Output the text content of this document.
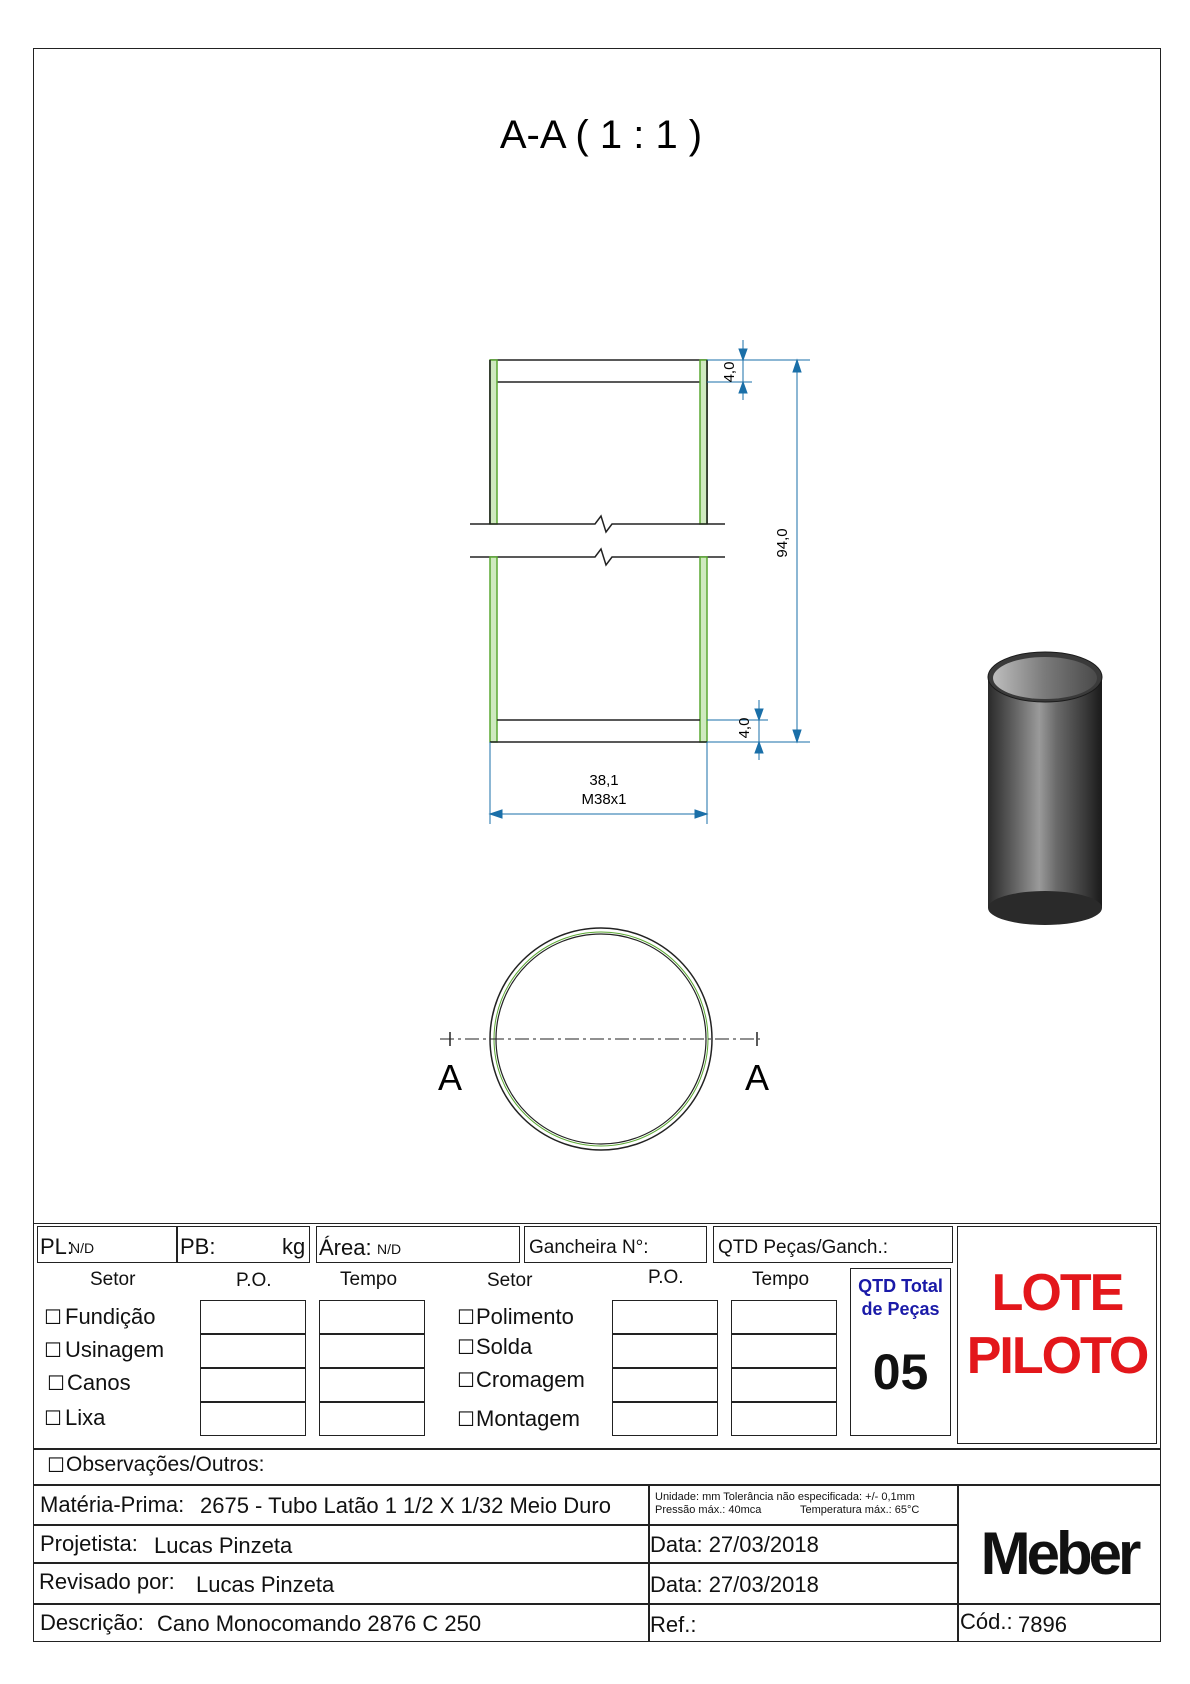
A-A ( 1 : 1 )
4,0
94,0
4,0
38,1
M38x1
A	A
PL:
N/D	PB:	kg Área: N/D	Gancheira N°:	QTD Peças/Ganch.:
Setor	P.O.	Tempo	Setor	P.O.	Tempo
☐ Fundição
☐ Usinagem
☐ Canos
☐ Lixa
☐ Polimento
☐ Solda
☐ Cromagem
☐ Montagem
QTD Total
de Peças
05
LOTE
PILOTO
☐ Observações/Outros:
Matéria-Prima: 2675 - Tubo Latão 1 1/2 X 1/32 Meio Duro	Unidade: mm Tolerância não especificada: +/- 0,1mm
Pressão máx.: 40mca	Temperatura máx.: 65°C
Projetista: Lucas Pinzeta	Data: 27/03/2018
Revisado por: Lucas Pinzeta	Data: 27/03/2018
Descrição: Cano Monocomando 2876 C 250	Ref.:
Meber
Cód.: 7896
